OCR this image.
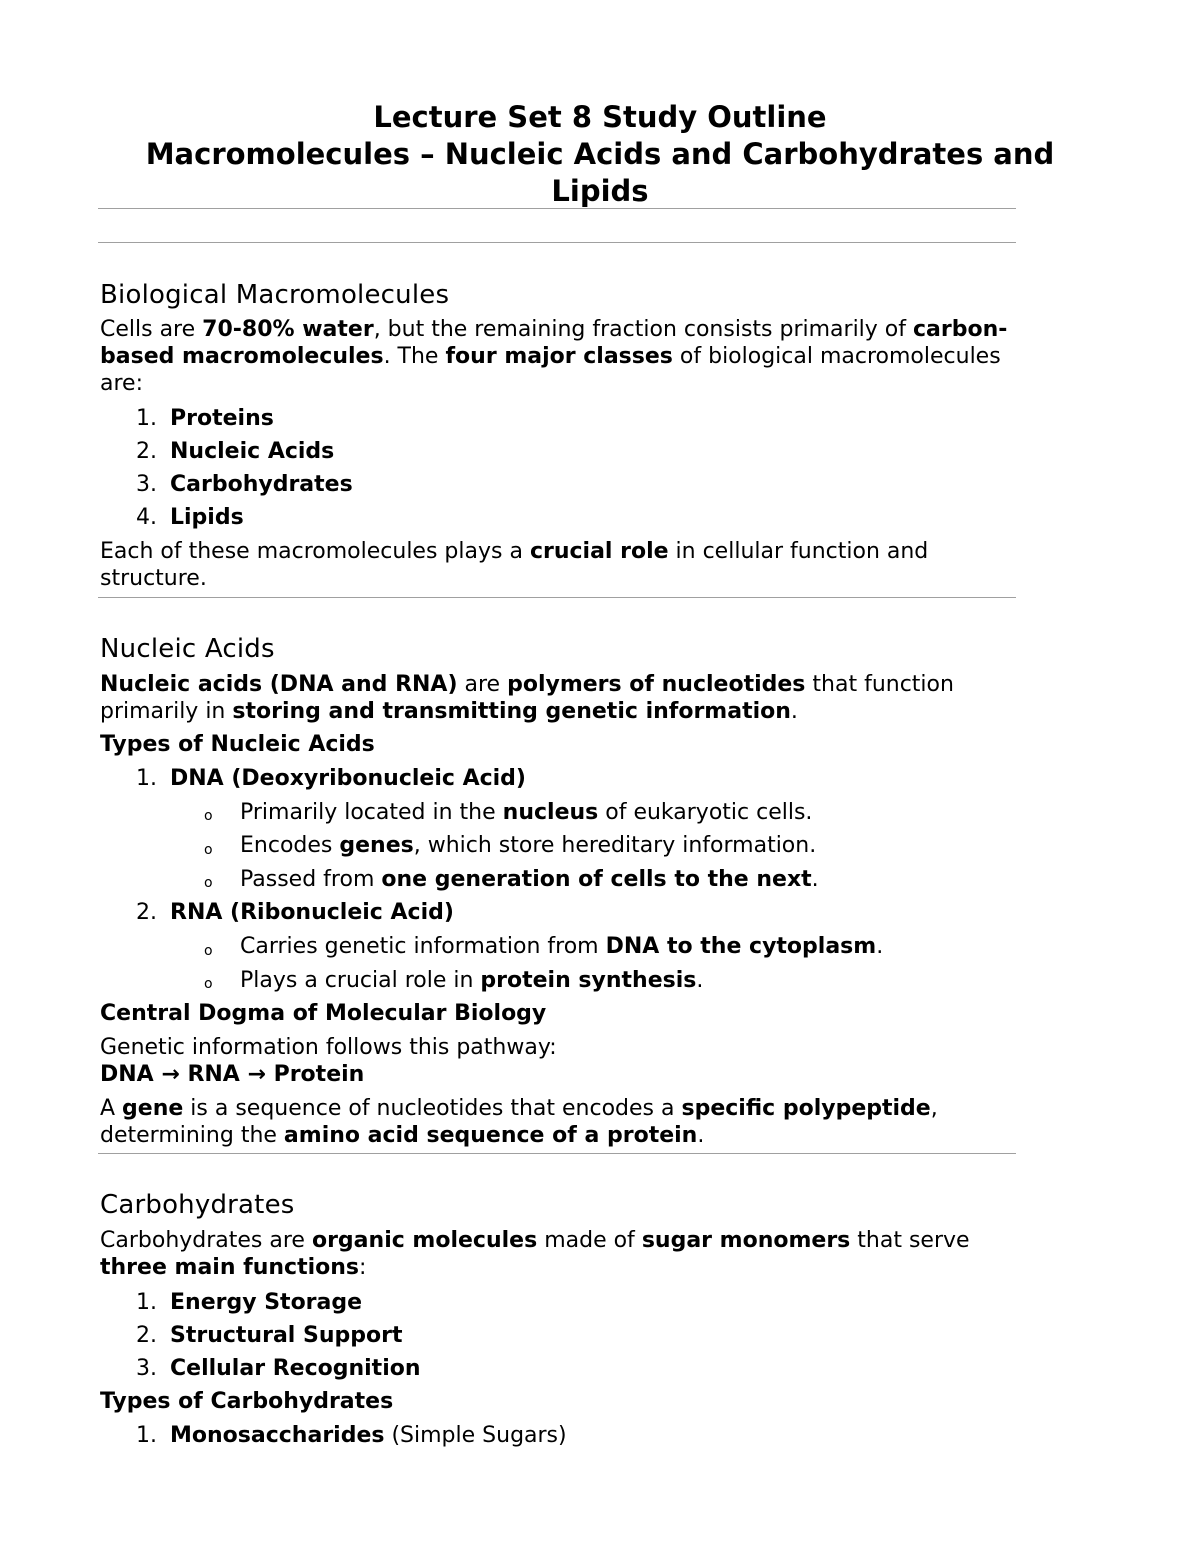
Lecture Set 8 Study Outline

Macromolecules – Nucleic Acids and Carbohydrates and

Lipids

Biological Macromolecules

Cells are 70-80% water, but the remaining fraction consists primarily of carbon-

based macromolecules. The four major classes of biological macromolecules

are:

1. Proteins
2. Nucleic Acids
3. Carbohydrates
4. Lipids

Each of these macromolecules plays a crucial role in cellular function and

structure.

Nucleic Acids

Nucleic acids (DNA and RNA) are polymers of nucleotides that function

primarily in storing and transmitting genetic information.

Types of Nucleic Acids
1. DNA (Deoxyribonucleic Acid)
o Primarily located in the nucleus of eukaryotic cells.
o Encodes genes, which store hereditary information.
o Passed from one generation of cells to the next.
2. RNA (Ribonucleic Acid)
o Carries genetic information from DNA to the cytoplasm.
o Plays a crucial role in protein synthesis.
Central Dogma of Molecular Biology

Genetic information follows this pathway:

DNA → RNA → Protein

A gene is a sequence of nucleotides that encodes a specific polypeptide,

determining the amino acid sequence of a protein.

Carbohydrates

Carbohydrates are organic molecules made of sugar monomers that serve

three main functions:

1. Energy Storage
2. Structural Support
3. Cellular Recognition
Types of Carbohydrates
1. Monosaccharides (Simple Sugars)
